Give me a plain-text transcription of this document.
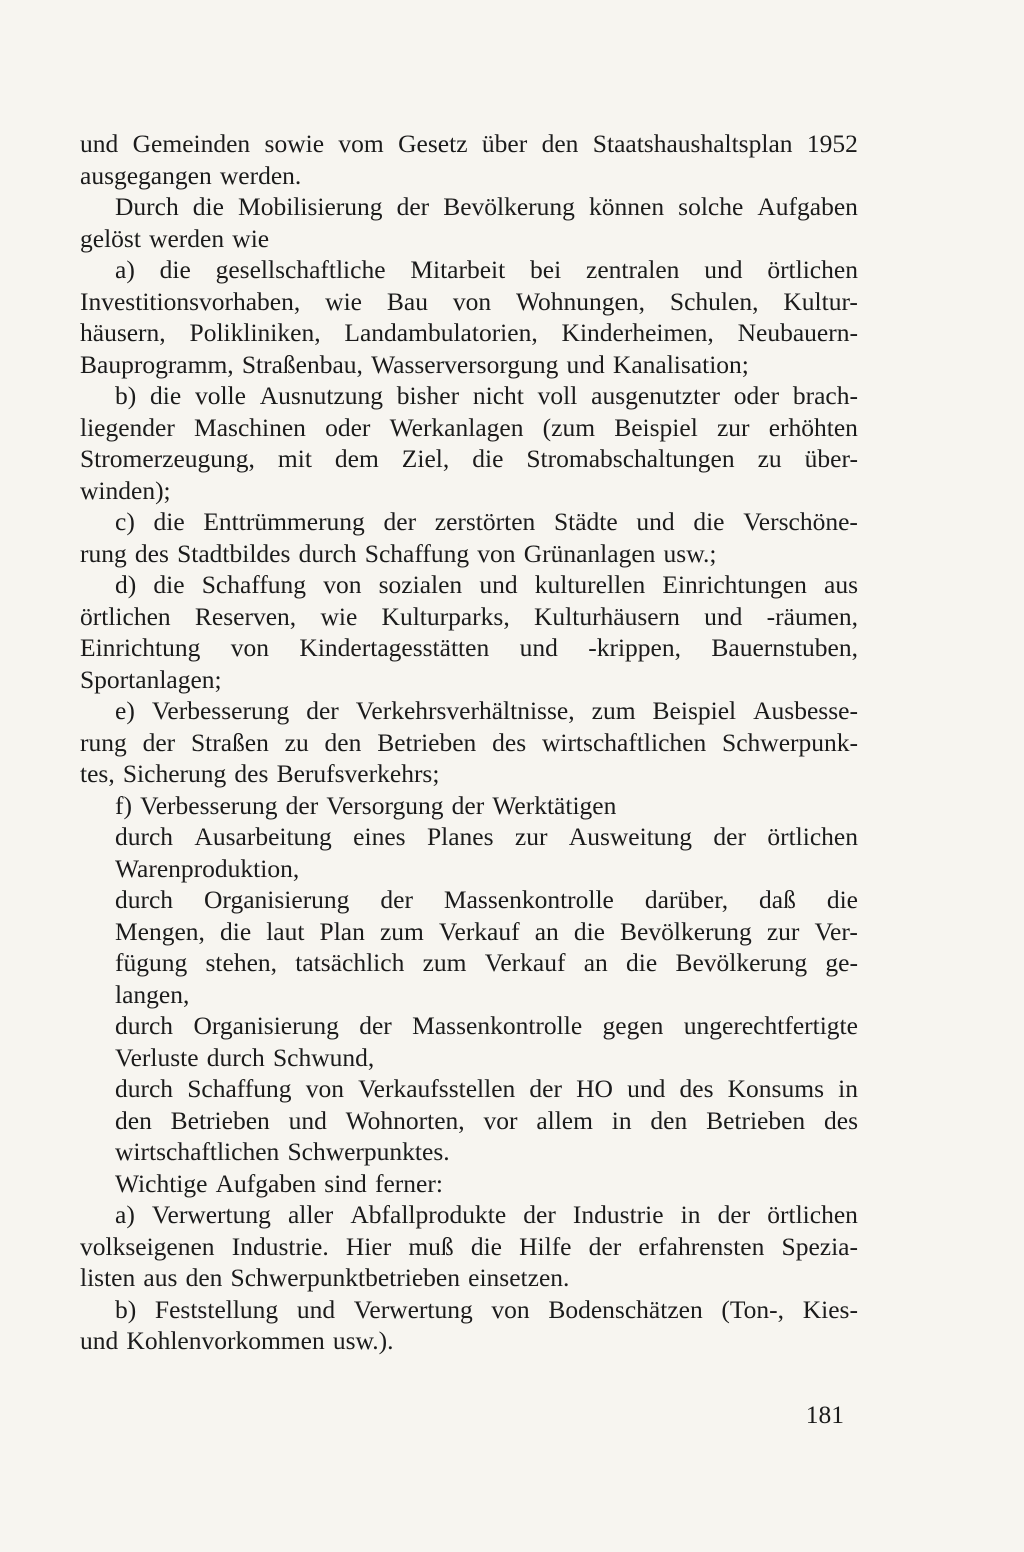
und Gemeinden sowie vom Gesetz über den Staatshaushaltsplan 1952
ausgegangen werden.
Durch die Mobilisierung der Bevölkerung können solche Aufgaben
gelöst werden wie
a) die gesellschaftliche Mitarbeit bei zentralen und örtlichen
Investitionsvorhaben, wie Bau von Wohnungen, Schulen, Kultur-
häusern, Polikliniken, Landambulatorien, Kinderheimen, Neubauern-
Bauprogramm, Straßenbau, Wasserversorgung und Kanalisation;
b) die volle Ausnutzung bisher nicht voll ausgenutzter oder brach-
liegender Maschinen oder Werkanlagen (zum Beispiel zur erhöhten
Stromerzeugung, mit dem Ziel, die Stromabschaltungen zu über-
winden);
c) die Enttrümmerung der zerstörten Städte und die Verschöne-
rung des Stadtbildes durch Schaffung von Grünanlagen usw.;
d) die Schaffung von sozialen und kulturellen Einrichtungen aus
örtlichen Reserven, wie Kulturparks, Kulturhäusern und -räumen,
Einrichtung von Kindertagesstätten und -krippen, Bauernstuben,
Sportanlagen;
e) Verbesserung der Verkehrsverhältnisse, zum Beispiel Ausbesse-
rung der Straßen zu den Betrieben des wirtschaftlichen Schwerpunk-
tes, Sicherung des Berufsverkehrs;
f) Verbesserung der Versorgung der Werktätigen
durch Ausarbeitung eines Planes zur Ausweitung der örtlichen
Warenproduktion,
durch Organisierung der Massenkontrolle darüber, daß die
Mengen, die laut Plan zum Verkauf an die Bevölkerung zur Ver-
fügung stehen, tatsächlich zum Verkauf an die Bevölkerung ge-
langen,
durch Organisierung der Massenkontrolle gegen ungerechtfertigte
Verluste durch Schwund,
durch Schaffung von Verkaufsstellen der HO und des Konsums in
den Betrieben und Wohnorten, vor allem in den Betrieben des
wirtschaftlichen Schwerpunktes.
Wichtige Aufgaben sind ferner:
a) Verwertung aller Abfallprodukte der Industrie in der örtlichen
volkseigenen Industrie. Hier muß die Hilfe der erfahrensten Spezia-
listen aus den Schwerpunktbetrieben einsetzen.
b) Feststellung und Verwertung von Bodenschätzen (Ton-, Kies-
und Kohlenvorkommen usw.).
181
